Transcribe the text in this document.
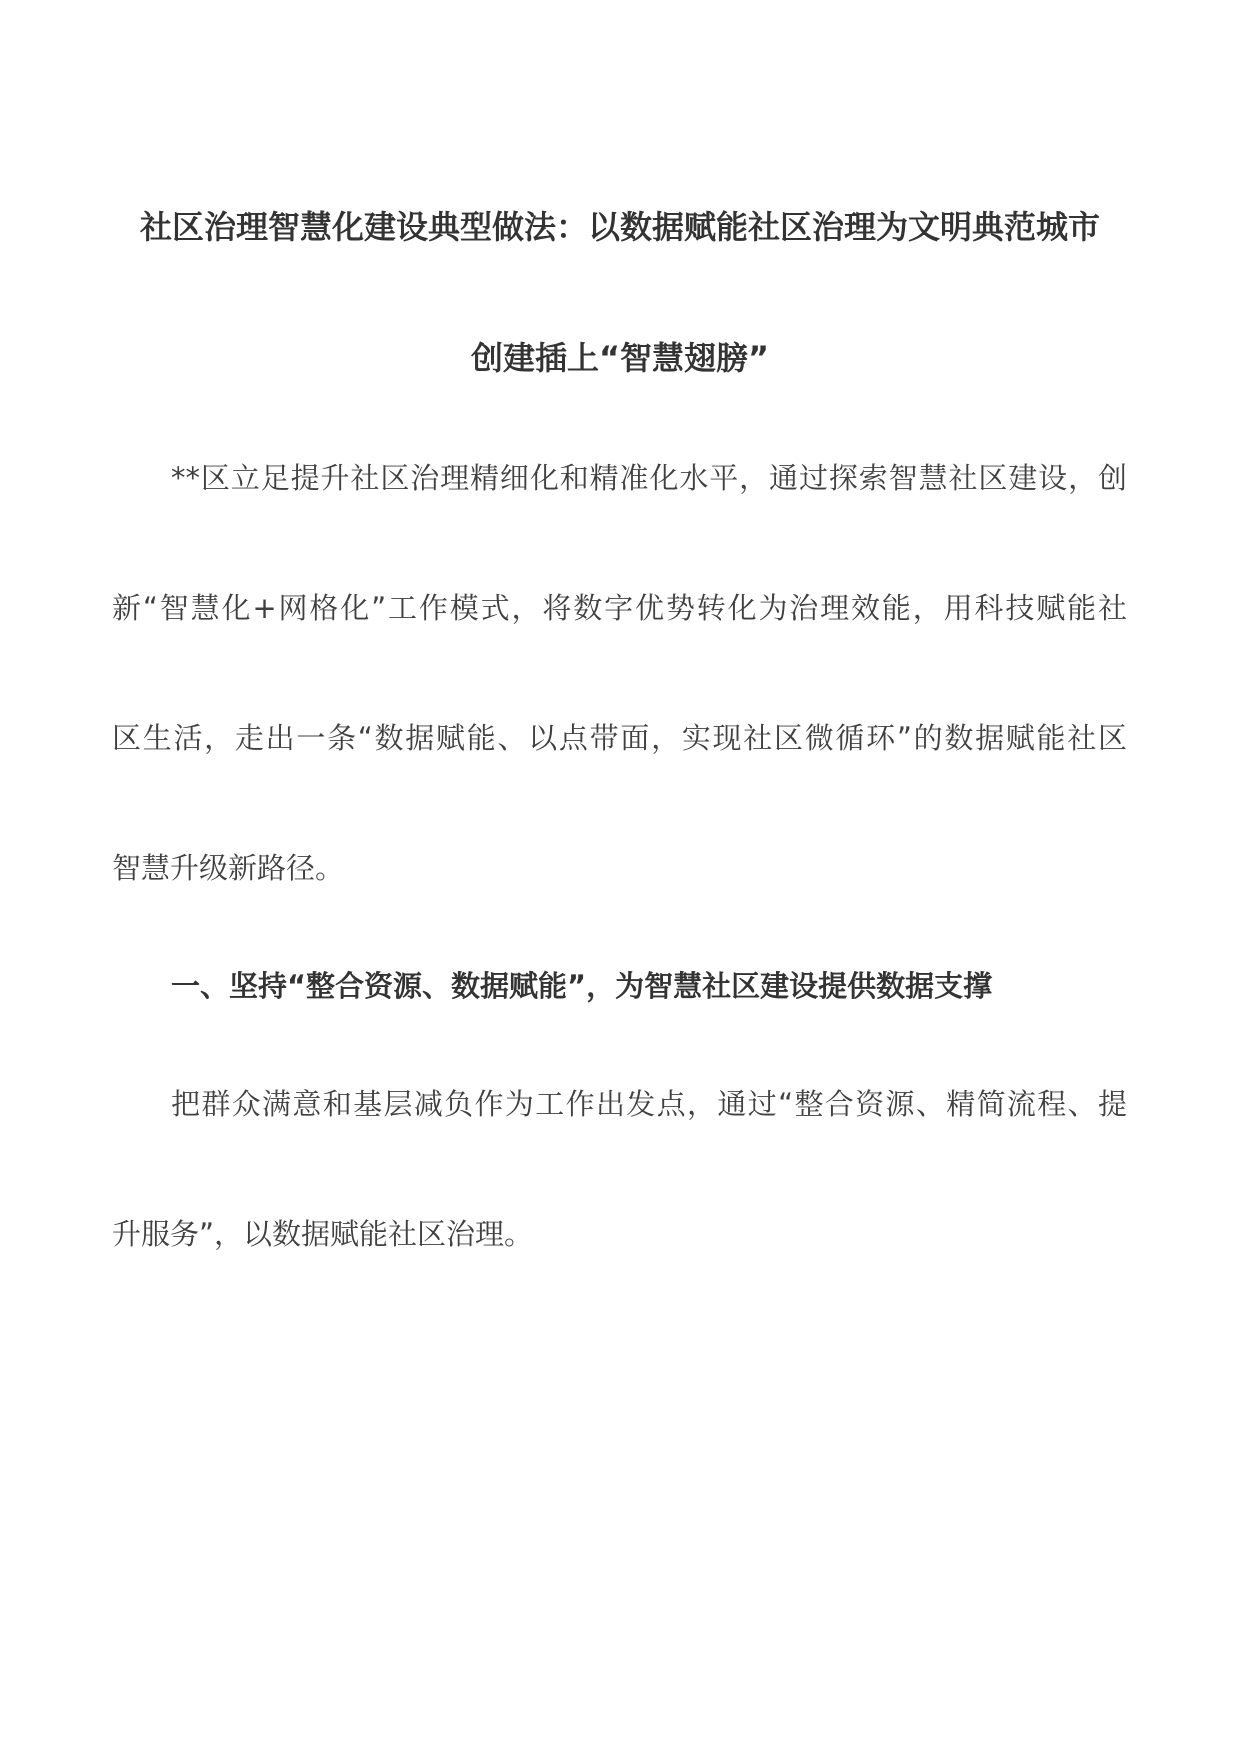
社区治理智慧化建设典型做法：以数据赋能社区治理为文明典范城市
创建插上“智慧翅膀”
**区立足提升社区治理精细化和精准化水平，通过探索智慧社区建设，创
新“智慧化+网格化”工作模式，将数字优势转化为治理效能，用科技赋能社
区生活，走出一条“数据赋能、以点带面，实现社区微循环”的数据赋能社区
智慧升级新路径。
一、坚持“整合资源、数据赋能”，为智慧社区建设提供数据支撑
把群众满意和基层减负作为工作出发点，通过“整合资源、精简流程、提
升服务”，以数据赋能社区治理。
